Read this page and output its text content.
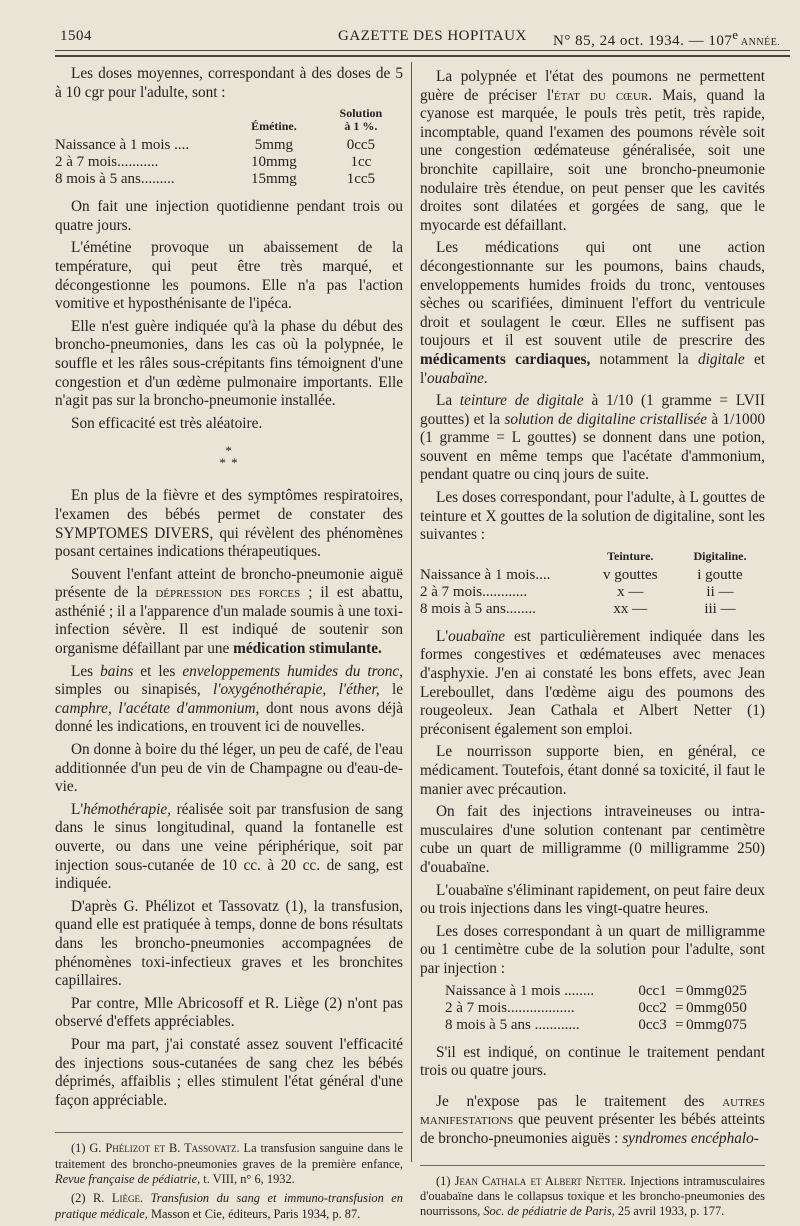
1504	GAZETTE DES HOPITAUX N° 85, 24 oct. 1934. — 107e ANNÉE.

Les doses moyennes, correspondant à des doses de 5 à 10 cgr pour l'adulte, sont :

	Émétine.	Solution
à 1 %.
Naissance à 1 mois ....	5mmg	0cc5
2 à 7 mois...........	10mmg	1cc
8 mois à 5 ans.........	15mmg	1cc5

On fait une injection quotidienne pendant trois ou quatre jours.

L'émétine provoque un abaissement de la température, qui peut être très marqué, et décongestionne les poumons. Elle n'a pas l'action vomitive et hyposthénisante de l'ipéca.

Elle n'est guère indiquée qu'à la phase du début des broncho-pneumonies, dans les cas où la polypnée, le souffle et les râles sous-crépitants fins témoignent d'une congestion et d'un œdème pulmonaire importants. Elle n'agit pas sur la broncho-pneumonie installée.

Son efficacité est très aléatoire.

*
* *

En plus de la fièvre et des symptômes respiratoires, l'examen des bébés permet de constater des SYMPTOMES DIVERS, qui révèlent des phénomènes posant certaines indications thérapeutiques.

Souvent l'enfant atteint de broncho-pneumonie aiguë présente de la dépression des forces ; il est abattu, asthénié ; il a l'apparence d'un malade soumis à une toxi-infection sévère. Il est indiqué de soutenir son organisme défaillant par une médication stimulante.

Les bains et les enveloppements humides du tronc, simples ou sinapisés, l'oxygénothérapie, l'éther, le camphre, l'acétate d'ammonium, dont nous avons déjà donné les indications, en trouvent ici de nouvelles.

On donne à boire du thé léger, un peu de café, de l'eau additionnée d'un peu de vin de Champagne ou d'eau-de-vie.

L'hémothérapie, réalisée soit par transfusion de sang dans le sinus longitudinal, quand la fontanelle est ouverte, ou dans une veine périphérique, soit par injection sous-cutanée de 10 cc. à 20 cc. de sang, est indiquée.

D'après G. Phélizot et Tassovatz (1), la transfusion, quand elle est pratiquée à temps, donne de bons résultats dans les broncho-pneumonies accompagnées de phénomènes toxi-infectieux graves et les bronchites capillaires.

Par contre, Mlle Abricosoff et R. Liège (2) n'ont pas observé d'effets appréciables.

Pour ma part, j'ai constaté assez souvent l'efficacité des injections sous-cutanées de sang chez les bébés déprimés, affaiblis ; elles stimulent l'état général d'une façon appréciable.

(1) G. Phélizot et B. Tassovatz. La transfusion sanguine dans le traitement des broncho-pneumonies graves de la première enfance, Revue française de pédiatrie, t. VIII, n° 6, 1932.

(2) R. Liège. Transfusion du sang et immuno-transfusion en pratique médicale, Masson et Cie, éditeurs, Paris 1934, p. 87.

La polypnée et l'état des poumons ne permettent guère de préciser l'état du cœur. Mais, quand la cyanose est marquée, le pouls très petit, très rapide, incomptable, quand l'examen des poumons révèle soit une congestion œdémateuse généralisée, soit une bronchite capillaire, soit une broncho-pneumonie nodulaire très étendue, on peut penser que les cavités droites sont dilatées et gorgées de sang, que le myocarde est défaillant.

Les médications qui ont une action décongestionnante sur les poumons, bains chauds, enveloppements humides froids du tronc, ventouses sèches ou scarifiées, diminuent l'effort du ventricule droit et soulagent le cœur. Elles ne suffisent pas toujours et il est souvent utile de prescrire des médicaments cardiaques, notamment la digitale et l'ouabaïne.

La teinture de digitale à 1/10 (1 gramme = LVII gouttes) et la solution de digitaline cristallisée à 1/1000 (1 gramme = L gouttes) se donnent dans une potion, souvent en même temps que l'acétate d'ammonium, pendant quatre ou cinq jours de suite.

Les doses correspondant, pour l'adulte, à L gouttes de teinture et X gouttes de la solution de digitaline, sont les suivantes :

	Teinture.	Digitaline.
Naissance à 1 mois....	v gouttes	i goutte
2 à 7 mois............	x —	ii —
8 mois à 5 ans........	xx —	iii —

L'ouabaïne est particulièrement indiquée dans les formes congestives et œdémateuses avec menaces d'asphyxie. J'en ai constaté les bons effets, avec Jean Lereboullet, dans l'œdème aigu des poumons des rougeoleux. Jean Cathala et Albert Netter (1) préconisent également son emploi.

Le nourrisson supporte bien, en général, ce médicament. Toutefois, étant donné sa toxicité, il faut le manier avec précaution.

On fait des injections intraveineuses ou intra-musculaires d'une solution contenant par centimètre cube un quart de milligramme (0 milligramme 250) d'ouabaïne.

L'ouabaïne s'éliminant rapidement, on peut faire deux ou trois injections dans les vingt-quatre heures.

Les doses correspondant à un quart de milligramme ou 1 centimètre cube de la solution pour l'adulte, sont par injection :

Naissance à 1 mois ........	0cc1	=	0mmg025
2 à 7 mois..................	0cc2	=	0mmg050
8 mois à 5 ans ............	0cc3	=	0mmg075

S'il est indiqué, on continue le traitement pendant trois ou quatre jours.

Je n'expose pas le traitement des autres manifestations que peuvent présenter les bébés atteints de broncho-pneumonies aiguës : syndromes encéphalo-

(1) Jean Cathala et Albert Netter. Injections intramusculaires d'ouabaïne dans le collapsus toxique et les broncho-pneumonies des nourrissons, Soc. de pédiatrie de Paris, 25 avril 1933, p. 177.
